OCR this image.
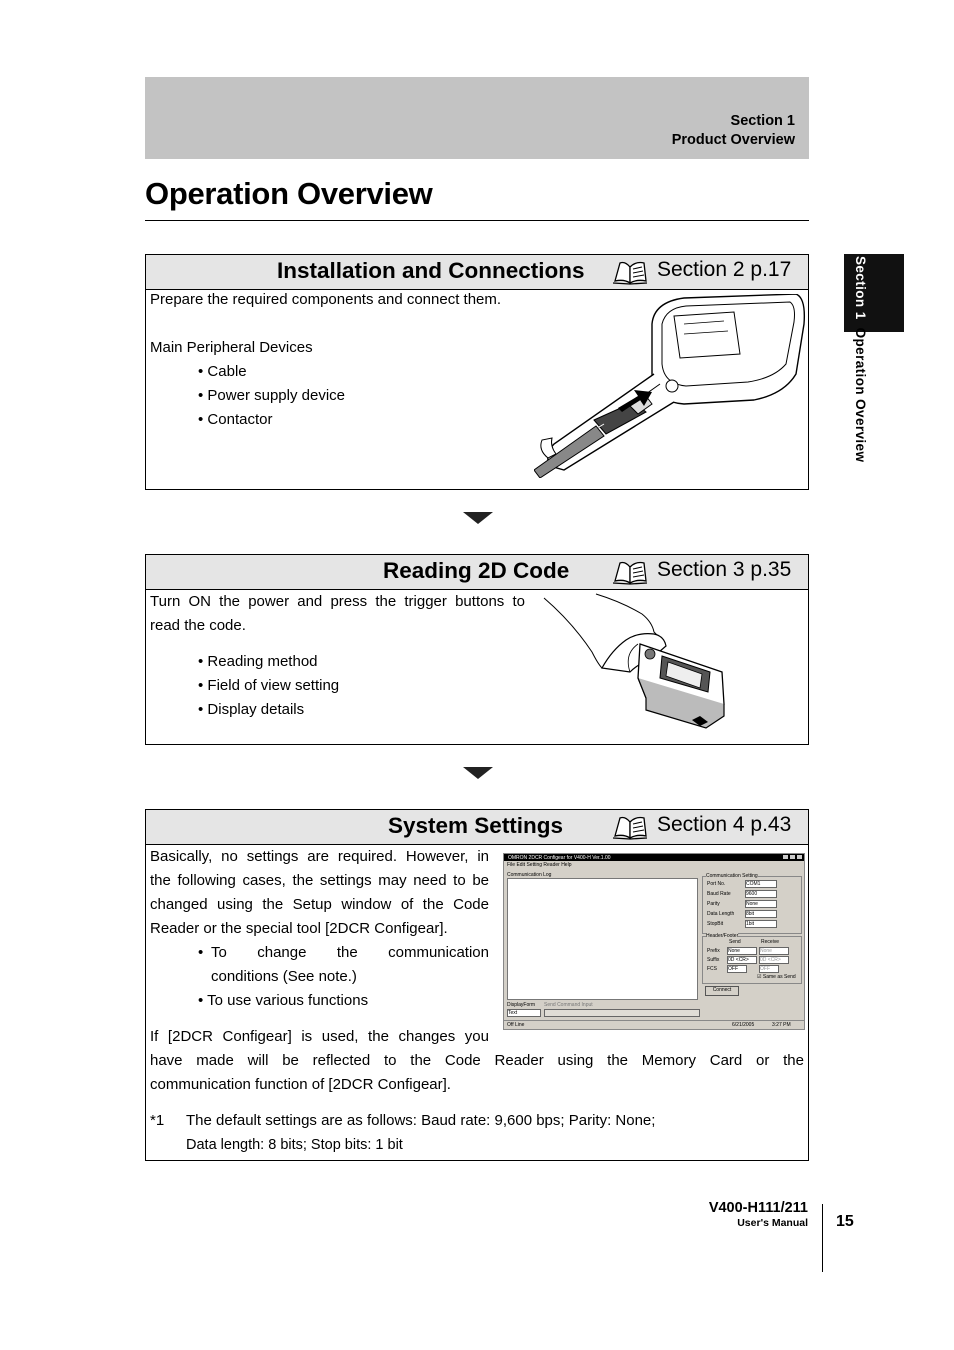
Section 1
Product Overview
Operation Overview
Section 1Operation Overview
Installation and Connections	Section 2 p.17
Prepare the required components and connect them.
Main Peripheral Devices
• Cable
• Power supply device
• Contactor
Reading 2D Code	Section 3 p.35
Turn ON the power and press the trigger buttons to
read the code.
• Reading method
• Field of view setting
• Display details
System Settings	Section 4 p.43
Basically, no settings are required. However, in
the following cases, the settings may need to be
changed using the Setup window of the Code
Reader or the special tool [2DCR Configear].
• To change the communication
conditions (See note.)
• To use various functions
If [2DCR Configear] is used, the changes you
have made will be reflected to the Code Reader using the Memory Card or the
communication function of [2DCR Configear].
*1 The default settings are as follows: Baud rate: 9,600 bps; Parity: None;
Data length: 8 bits; Stop bits: 1 bit
OMRON 2DCR Configear for V400-H Ver.1.00
File Edit Setting Reader Help
Communication Log	Communication Setting
Port No.	COM1
Baud Rate	9600
Parity	None
Data Length 8bit
StopBit	1bit
Header/Footer
Send	Receive
Prefix None	None
Suffix 0D <CR>	0D <CR>
FCS OFF	OFF
☑ Same as Send
Connect
DisplayForm
Text
Send Command Input
Off Line	6/21/2005	3:27 PM
V400-H111/211
User's Manual 15
